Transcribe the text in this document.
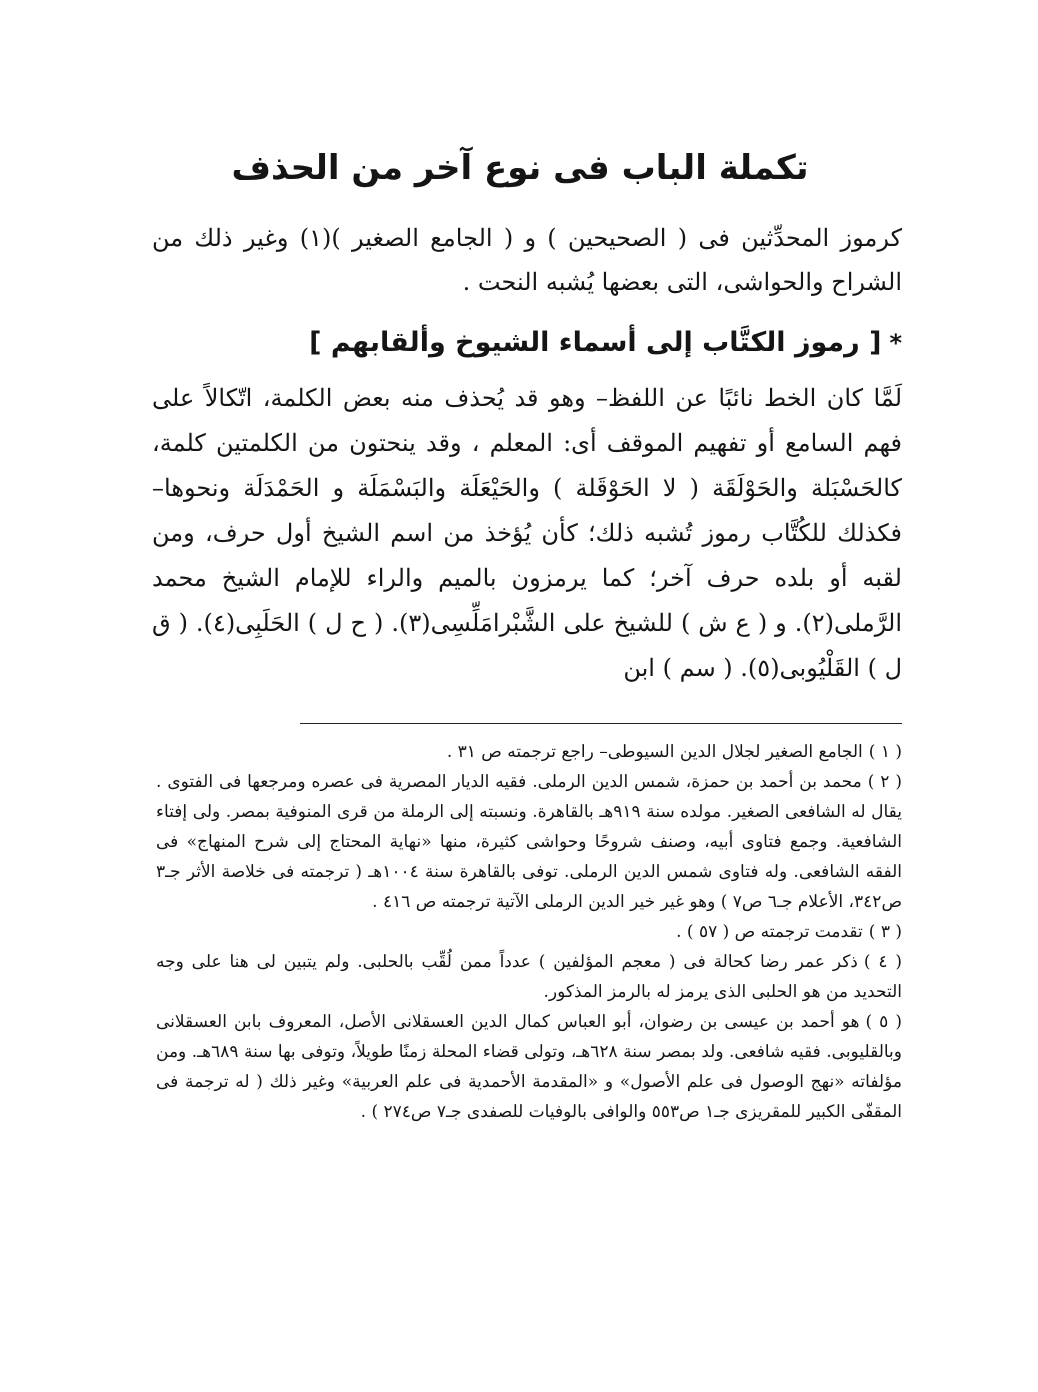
تكملة الباب فى نوع آخر من الحذف

كرموز المحدِّثين فى ( الصحيحين ) و ( الجامع الصغير )(١) وغير ذلك من الشراح والحواشى، التى بعضها يُشبه النحت .

*[ رموز الكتَّاب إلى أسماء الشيوخ وألقابهم ]

لَمَّا كان الخط نائبًا عن اللفظ– وهو قد يُحذف منه بعض الكلمة، اتّكالاً على فهم السامع أو تفهيم الموقف أى: المعلم ، وقد ينحتون من الكلمتين كلمة، كالحَسْبَلة والحَوْلَقَة ( لا الحَوْقَلة ) والحَيْعَلَة والبَسْمَلَة و الحَمْدَلَة ونحوها– فكذلك للكُتَّاب رموز تُشبه ذلك؛ كأن يُؤخذ من اسم الشيخ أول حرف، ومن لقبه أو بلده حرف آخر؛ كما يرمزون بالميم والراء للإمام الشيخ محمد الرَّملى(٢). و ( ع ش ) للشيخ على الشَّبْرامَلِّسِى(٣). ( ح ل ) الحَلَبِى(٤). ( ق ل ) القَلْيُوبى(٥). ( سم ) ابن

( ١ )الجامع الصغير لجلال الدين السيوطى– راجع ترجمته ص ٣١ .
( ٢ )محمد بن أحمد بن حمزة، شمس الدين الرملى. فقيه الديار المصرية فى عصره ومرجعها فى الفتوى . يقال له الشافعى الصغير. مولده سنة ٩١٩هـ بالقاهرة. ونسبته إلى الرملة من قرى المنوفية بمصر. ولى إفتاء الشافعية. وجمع فتاوى أبيه، وصنف شروحًا وحواشى كثيرة، منها «نهاية المحتاج إلى شرح المنهاج» فى الفقه الشافعى. وله فتاوى شمس الدين الرملى. توفى بالقاهرة سنة ١٠٠٤هـ ( ترجمته فى خلاصة الأثر جـ٣ ص٣٤٢، الأعلام جـ٦ ص٧ ) وهو غير خير الدين الرملى الآتية ترجمته ص ٤١٦ .
( ٣ )تقدمت ترجمته ص ( ٥٧ ) .
( ٤ )ذكر عمر رضا كحالة فى ( معجم المؤلفين ) عدداً ممن لُقِّب بالحلبى. ولم يتبين لى هنا على وجه التحديد من هو الحلبى الذى يرمز له بالرمز المذكور.
( ٥ )هو أحمد بن عيسى بن رضوان، أبو العباس كمال الدين العسقلانى الأصل، المعروف بابن العسقلانى وبالقليوبى. فقيه شافعى. ولد بمصر سنة ٦٢٨هـ، وتولى قضاء المحلة زمنًا طويلاً، وتوفى بها سنة ٦٨٩هـ. ومن مؤلفاته «نهج الوصول فى علم الأصول» و «المقدمة الأحمدية فى علم العربية» وغير ذلك ( له ترجمة فى المقفّى الكبير للمقريزى جـ١ ص٥٥٣ والوافى بالوفيات للصفدى جـ٧ ص٢٧٤ ) .
